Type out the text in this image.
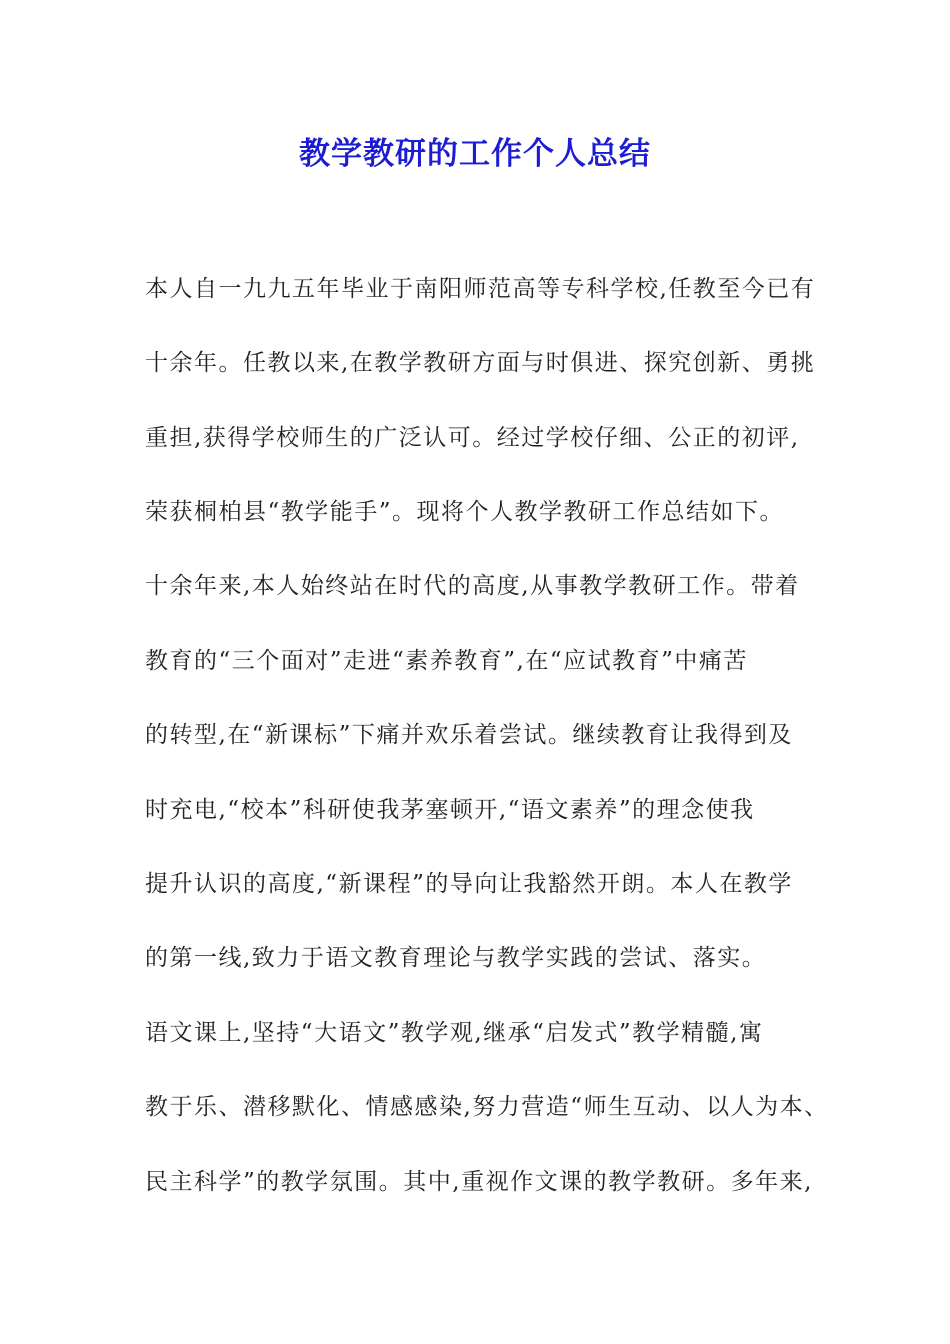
教学教研的工作个人总结
本人自一九九五年毕业于南阳师范高等专科学校,任教至今已有
十余年。任教以来,在教学教研方面与时俱进、探究创新、勇挑
重担,获得学校师生的广泛认可。经过学校仔细、公正的初评,
荣获桐柏县“教学能手”。现将个人教学教研工作总结如下。
十余年来,本人始终站在时代的高度,从事教学教研工作。带着
教育的“三个面对”走进“素养教育”,在“应试教育”中痛苦
的转型,在“新课标”下痛并欢乐着尝试。继续教育让我得到及
时充电,“校本”科研使我茅塞顿开,“语文素养”的理念使我
提升认识的高度,“新课程”的导向让我豁然开朗。本人在教学
的第一线,致力于语文教育理论与教学实践的尝试、落实。
语文课上,坚持“大语文”教学观,继承“启发式”教学精髓,寓
教于乐、潜移默化、情感感染,努力营造“师生互动、以人为本、
民主科学”的教学氛围。其中,重视作文课的教学教研。多年来,
